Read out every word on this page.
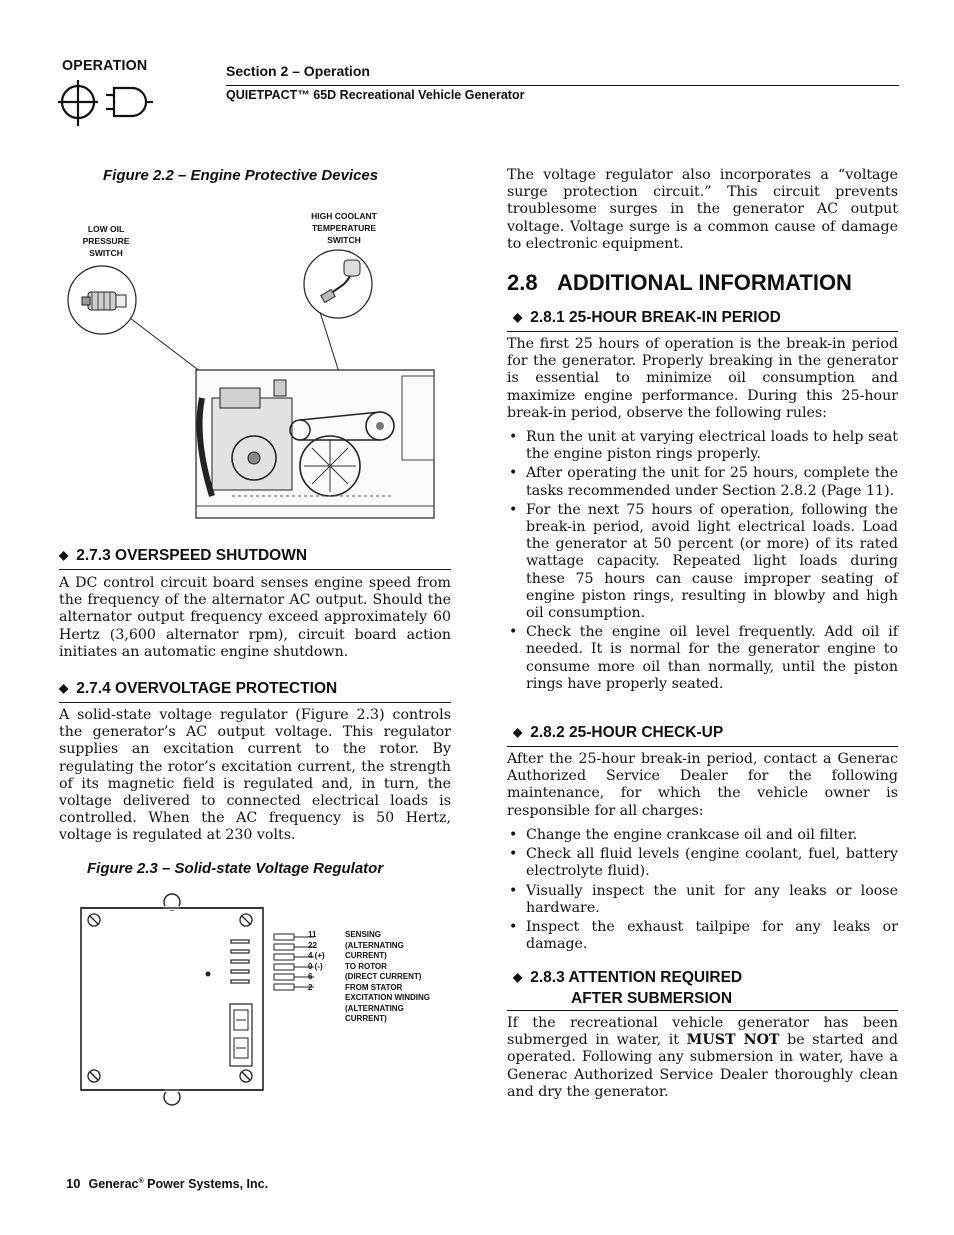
OPERATION	Section 2 – Operation
QUIETPACT™ 65D Recreational Vehicle Generator
Figure 2.2 – Engine Protective Devices
LOW OIL
PRESSURE
SWITCH
HIGH COOLANT
TEMPERATURE
SWITCH
◆ 2.7.3 OVERSPEED SHUTDOWN
A DC control circuit board senses engine speed from the frequency of the alternator AC output. Should the alternator output frequency exceed approximately 60 Hertz (3,600 alternator rpm), circuit board action initiates an automatic engine shutdown.
◆ 2.7.4 OVERVOLTAGE PROTECTION
A solid-state voltage regulator (Figure 2.3) controls the generator’s AC output voltage. This regulator supplies an excitation current to the rotor. By regulating the rotor’s excitation current, the strength of its magnetic field is regulated and, in turn, the voltage delivered to connected electrical loads is controlled. When the AC frequency is 50 Hertz, voltage is regulated at 230 volts.
Figure 2.3 – Solid-state Voltage Regulator
11
22
4 (+)
0 (-)
6
2
SENSING
(ALTERNATING CURRENT)
TO ROTOR
(DIRECT CURRENT)
FROM STATOR
EXCITATION WINDING
(ALTERNATING CURRENT)
The voltage regulator also incorporates a “voltage surge protection circuit.” This circuit prevents troublesome surges in the generator AC output voltage. Voltage surge is a common cause of damage to electronic equipment.
2.8 ADDITIONAL INFORMATION
◆ 2.8.1 25-HOUR BREAK-IN PERIOD
The first 25 hours of operation is the break-in period for the generator. Properly breaking in the generator is essential to minimize oil consumption and maximize engine performance. During this 25-hour break-in period, observe the following rules:
• Run the unit at varying electrical loads to help seat the engine piston rings properly.
• After operating the unit for 25 hours, complete the tasks recommended under Section 2.8.2 (Page 11).
• For the next 75 hours of operation, following the break-in period, avoid light electrical loads. Load the generator at 50 percent (or more) of its rated wattage capacity. Repeated light loads during these 75 hours can cause improper seating of engine piston rings, resulting in blowby and high oil consumption.
• Check the engine oil level frequently. Add oil if needed. It is normal for the generator engine to consume more oil than normally, until the piston rings have properly seated.
◆ 2.8.2 25-HOUR CHECK-UP
After the 25-hour break-in period, contact a Generac Authorized Service Dealer for the following maintenance, for which the vehicle owner is responsible for all charges:
• Change the engine crankcase oil and oil filter.
• Check all fluid levels (engine coolant, fuel, battery electrolyte fluid).
• Visually inspect the unit for any leaks or loose hardware.
• Inspect the exhaust tailpipe for any leaks or damage.
◆ 2.8.3 ATTENTION REQUIRED
AFTER SUBMERSION
If the recreational vehicle generator has been submerged in water, it MUST NOT be started and operated. Following any submersion in water, have a Generac Authorized Service Dealer thoroughly clean and dry the generator.
10 Generac® Power Systems, Inc.
